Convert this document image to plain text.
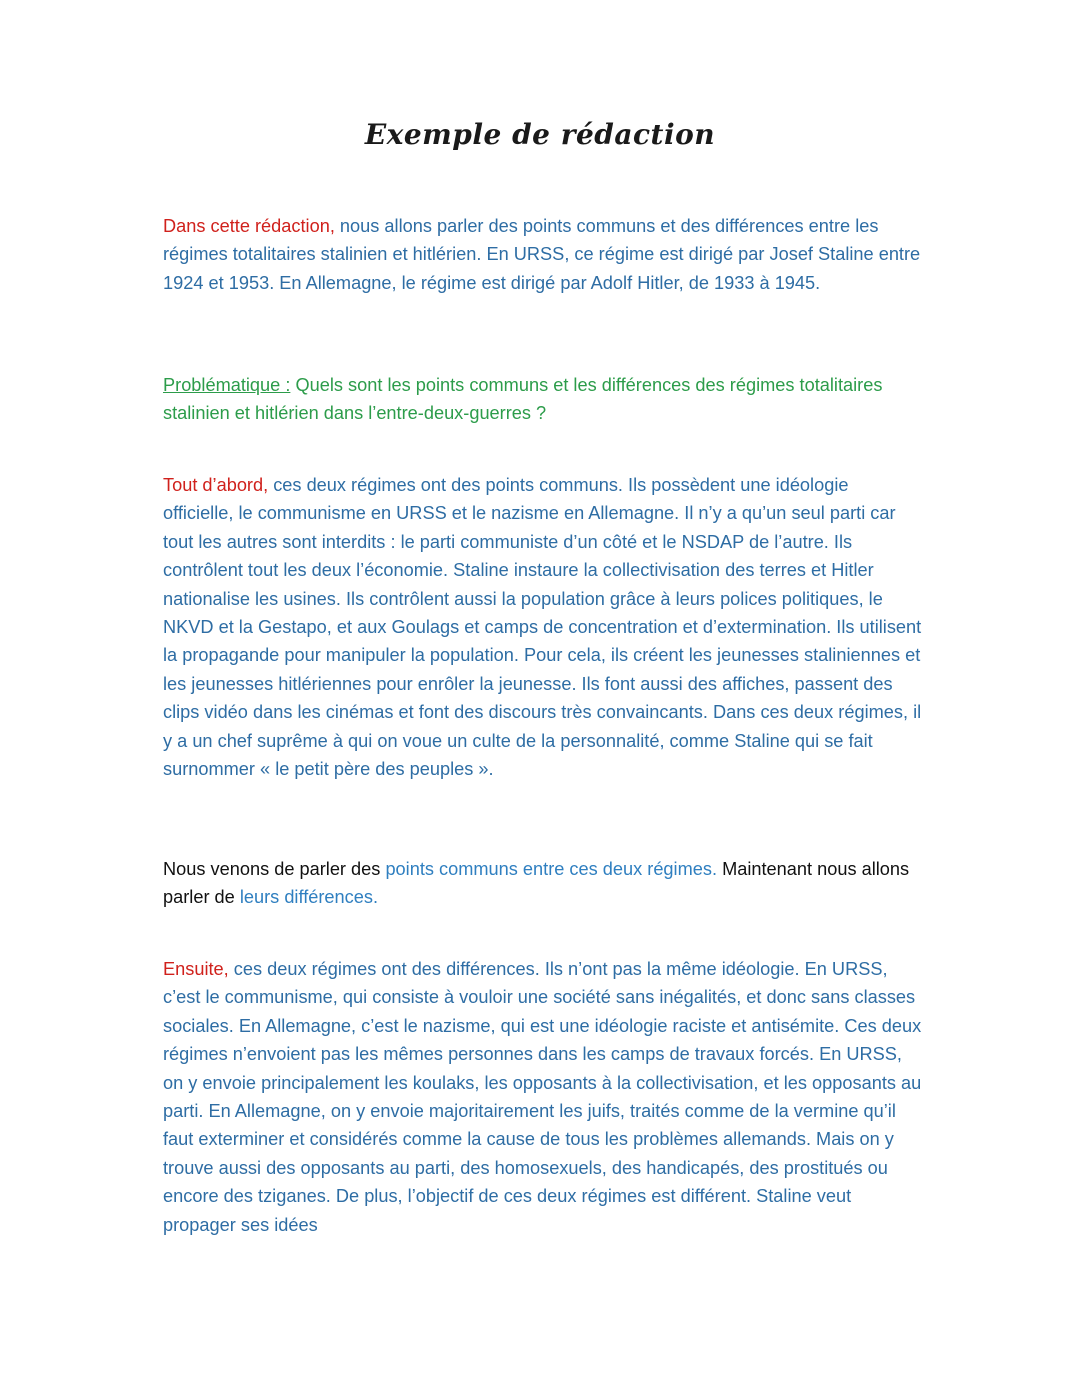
Exemple de rédaction

Dans cette rédaction, nous allons parler des points communs et des différences entre les régimes totalitaires stalinien et hitlérien. En URSS, ce régime est dirigé par Josef Staline entre 1924 et 1953. En Allemagne, le régime est dirigé par Adolf Hitler, de 1933 à 1945.

Problématique : Quels sont les points communs et les différences des régimes totalitaires stalinien et hitlérien dans l’entre-deux-guerres ?

Tout d’abord, ces deux régimes ont des points communs. Ils possèdent une idéologie officielle, le communisme en URSS et le nazisme en Allemagne. Il n’y a qu’un seul parti car tout les autres sont interdits : le parti communiste d’un côté et le NSDAP de l’autre. Ils contrôlent tout les deux l’économie. Staline instaure la collectivisation des terres et Hitler nationalise les usines. Ils contrôlent aussi la population grâce à leurs polices politiques, le NKVD et la Gestapo, et aux Goulags et camps de concentration et d’extermination. Ils utilisent la propagande pour manipuler la population. Pour cela, ils créent les jeunesses staliniennes et les jeunesses hitlériennes pour enrôler la jeunesse. Ils font aussi des affiches, passent des clips vidéo dans les cinémas et font des discours très convaincants. Dans ces deux régimes, il y a un chef suprême à qui on voue un culte de la personnalité, comme Staline qui se fait surnommer « le petit père des peuples ».

Nous venons de parler des points communs entre ces deux régimes. Maintenant nous allons parler de leurs différences.

Ensuite, ces deux régimes ont des différences. Ils n’ont pas la même idéologie. En URSS, c’est le communisme, qui consiste à vouloir une société sans inégalités, et donc sans classes sociales. En Allemagne, c’est le nazisme, qui est une idéologie raciste et antisémite. Ces deux régimes n’envoient pas les mêmes personnes dans les camps de travaux forcés. En URSS, on y envoie principalement les koulaks, les opposants à la collectivisation, et les opposants au parti. En Allemagne, on y envoie majoritairement les juifs, traités comme de la vermine qu’il faut exterminer et considérés comme la cause de tous les problèmes allemands. Mais on y trouve aussi des opposants au parti, des homosexuels, des handicapés, des prostitués ou encore des tziganes. De plus, l’objectif de ces deux régimes est différent. Staline veut propager ses idées
